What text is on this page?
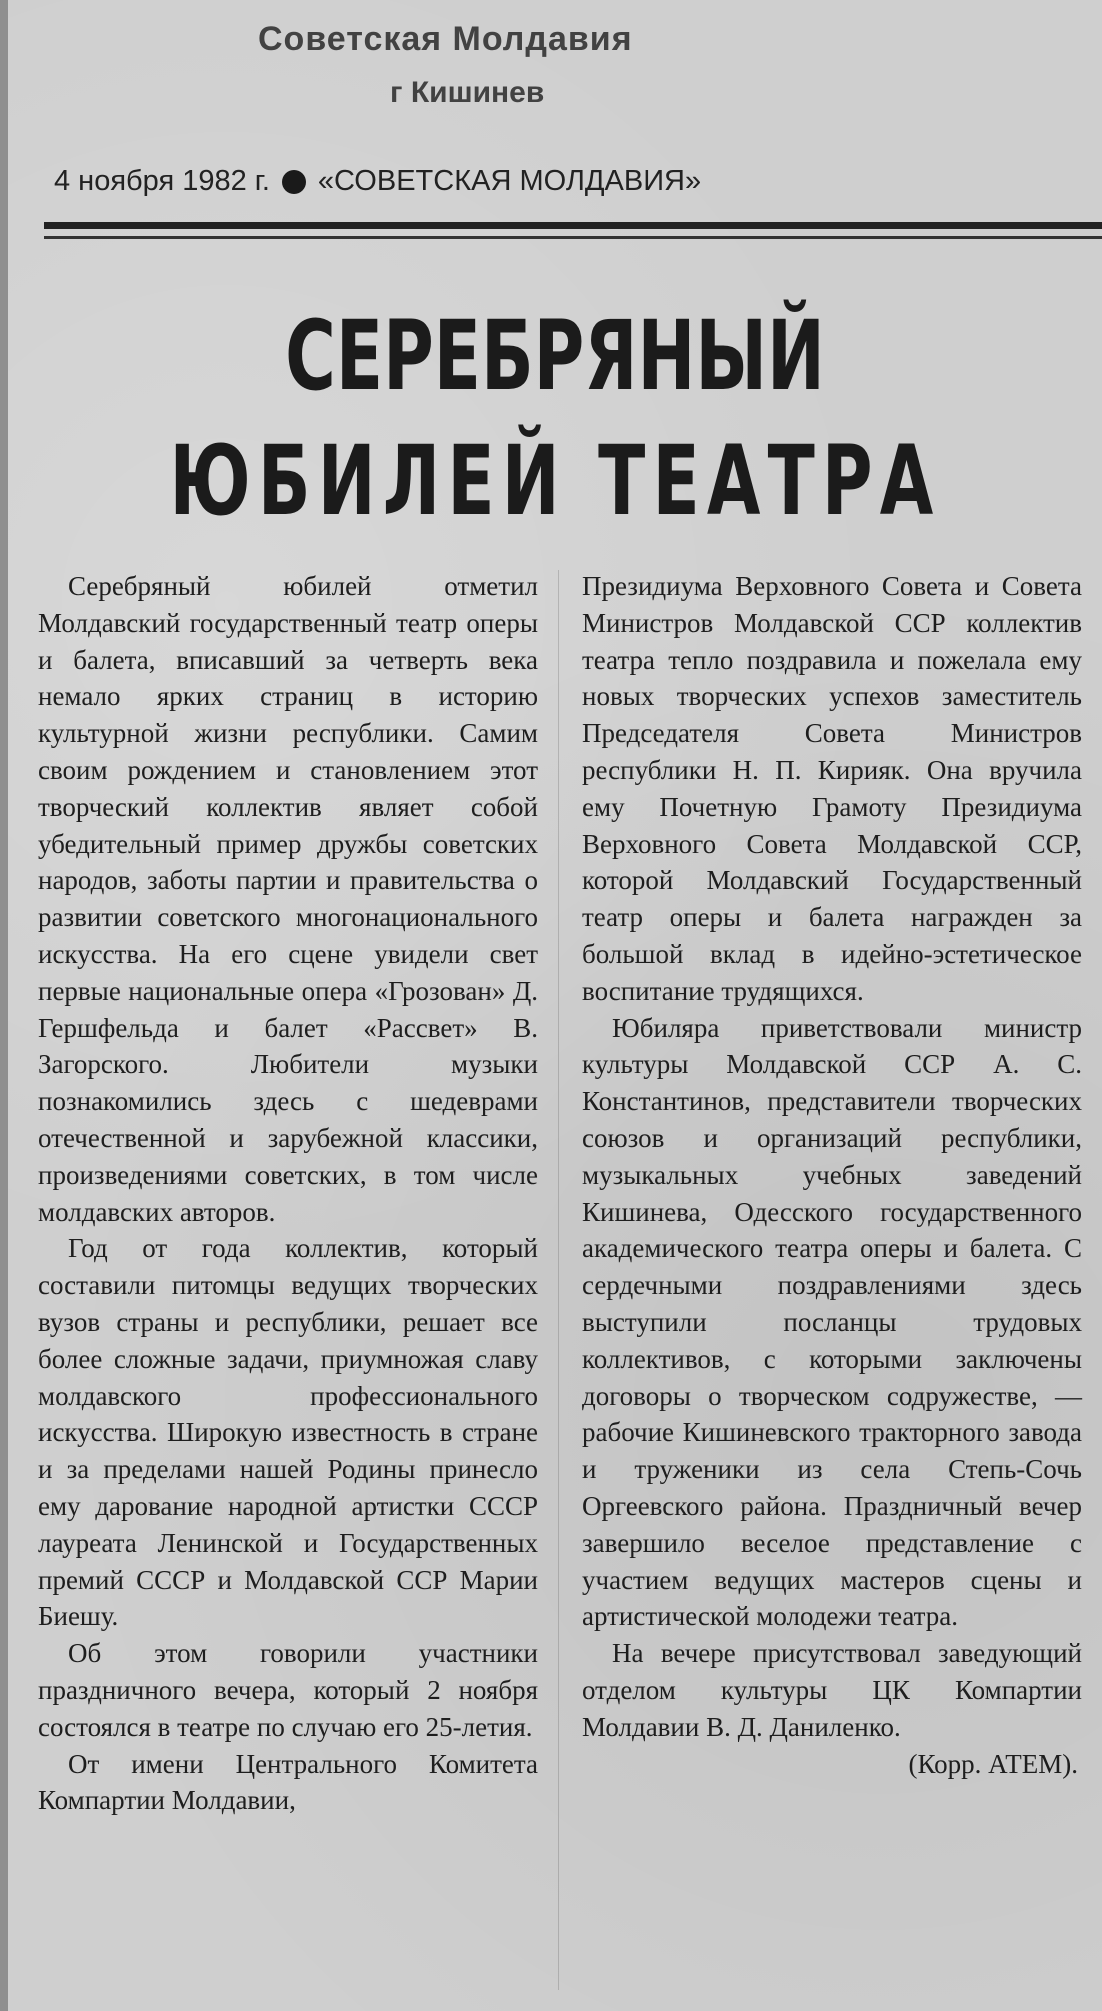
Советская Молдавия
г Кишинев
4 ноября 1982 г. «СОВЕТСКАЯ МОЛДАВИЯ»
СЕРЕБРЯНЫЙ
ЮБИЛЕЙ ТЕАТРА

Серебряный юбилей отметил Молдавский государственный театр оперы и балета, вписавший за четверть века немало ярких страниц в историю культурной жизни республики. Самим своим рождением и становлением этот творческий коллектив являет собой убедительный пример дружбы советских народов, заботы партии и правительства о развитии советского многонационального искусства. На его сцене увидели свет первые национальные опера «Грозован» Д. Гершфельда и балет «Рассвет» В. Загорского. Любители музыки познакомились здесь с шедеврами отечественной и зарубежной классики, произведениями советских, в том числе молдавских авторов.

Год от года коллектив, который составили питомцы ведущих творческих вузов страны и республики, решает все более сложные задачи, приумножая славу молдавского профессионального искусства. Широкую известность в стране и за пределами нашей Родины принесло ему дарование народной артистки СССР лауреата Ленинской и Государственных премий СССР и Молдавской ССР Марии Биешу.

Об этом говорили участники праздничного вечера, который 2 ноября состоялся в театре по случаю его 25-летия.

От имени Центрального Комитета Компартии Молдавии,

Президиума Верховного Совета и Совета Министров Молдавской ССР коллектив театра тепло поздравила и пожелала ему новых творческих успехов заместитель Председателя Совета Министров республики Н. П. Кирияк. Она вручила ему Почетную Грамоту Президиума Верховного Совета Молдавской ССР, которой Молдавский Государственный театр оперы и балета награжден за большой вклад в идейно-эстетическое воспитание трудящихся.

Юбиляра приветствовали министр культуры Молдавской ССР А. С. Константинов, представители творческих союзов и организаций республики, музыкальных учебных заведений Кишинева, Одесского государственного академического театра оперы и балета. С сердечными поздравлениями здесь выступили посланцы трудовых коллективов, с которыми заключены договоры о творческом содружестве, — рабочие Кишиневского тракторного завода и труженики из села Степь-Сочь Оргеевского района. Праздничный вечер завершило веселое представление с участием ведущих мастеров сцены и артистической молодежи театра.

На вечере присутствовал заведующий отделом культуры ЦК Компартии Молдавии В. Д. Даниленко.

(Корр. АТЕМ).
